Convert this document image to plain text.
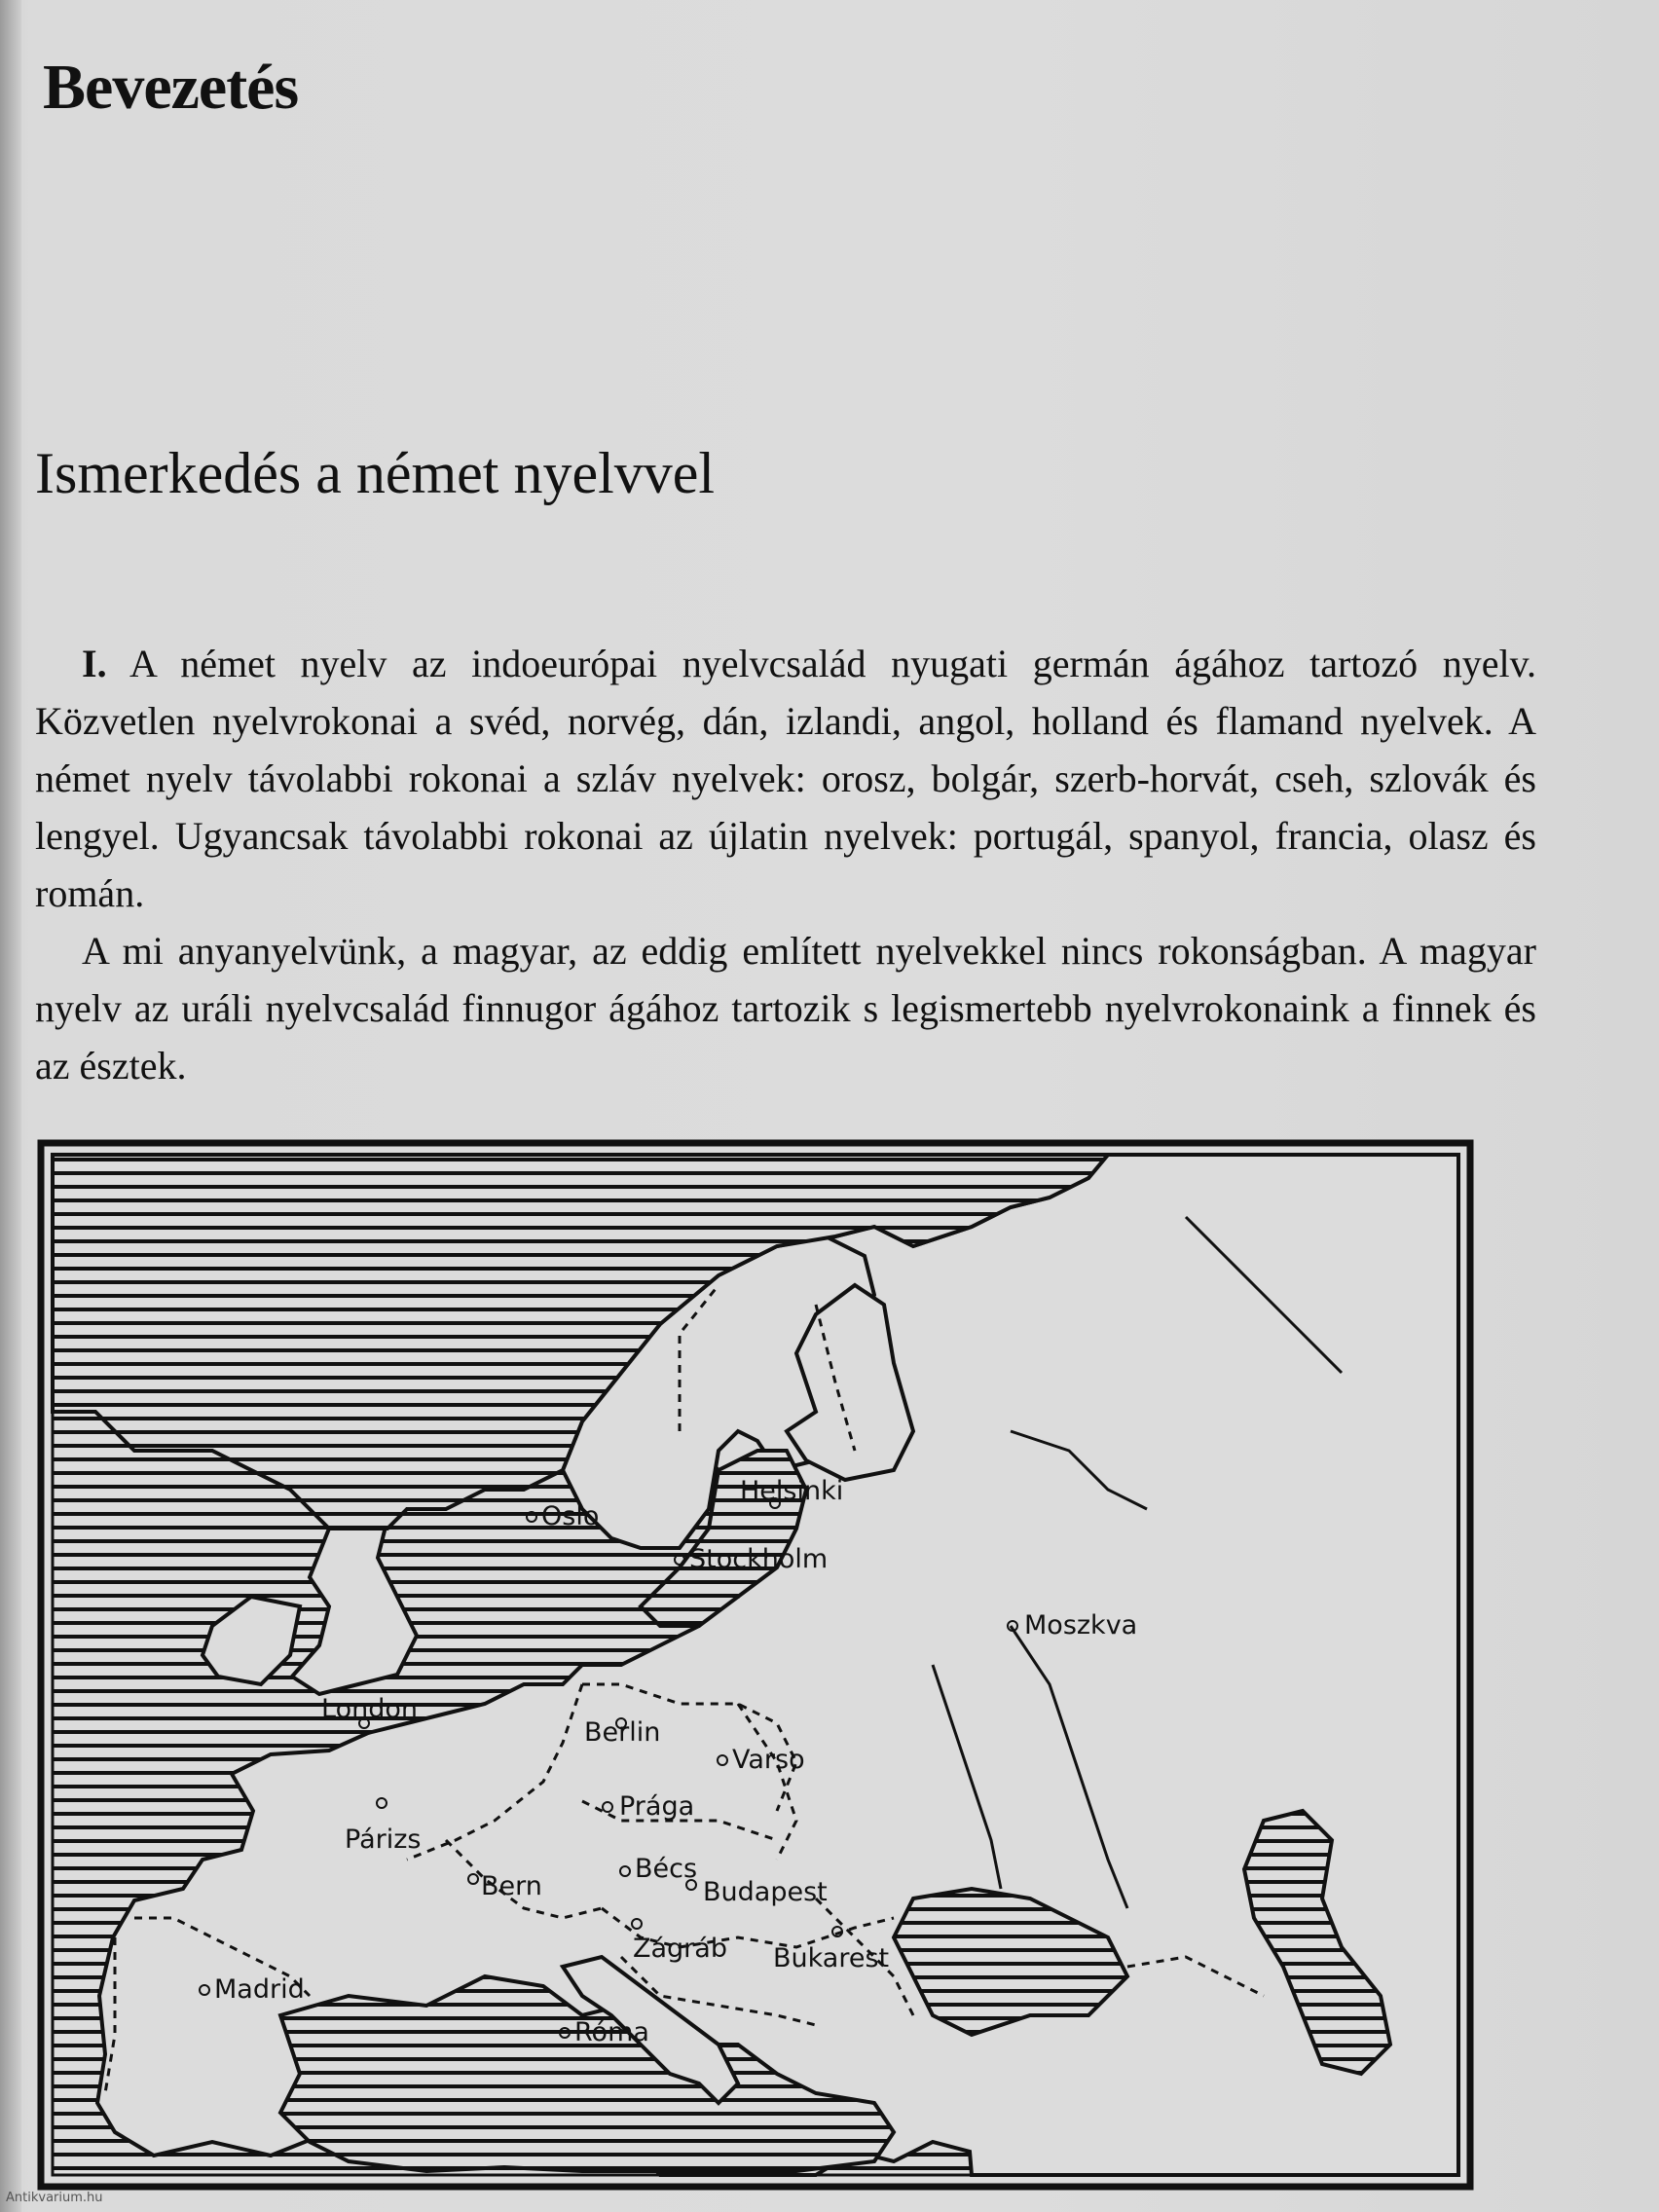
Bevezetés
Ismerkedés a német nyelvvel

I. A német nyelv az indoeurópai nyelvcsalád nyugati germán ágához tartozó nyelv. Közvetlen nyelvrokonai a svéd, norvég, dán, izlandi, angol, holland és flamand nyelvek. A német nyelv távolabbi rokonai a szláv nyelvek: orosz, bolgár, szerb-horvát, cseh, szlovák és lengyel. Ugyancsak távolabbi rokonai az újlatin nyelvek: portugál, spanyol, francia, olasz és román.

A mi anyanyelvünk, a magyar, az eddig említett nyelvekkel nincs rokonságban. A magyar nyelv az uráli nyelvcsalád finnugor ágához tartozik s legismertebb nyelvrokonaink a finnek és az észtek.

Oslo
Helsinki
Stockholm
Moszkva
London
Berlin
Varso
Prága
Párizs
Bern
Bécs
Budapest
Zágráb Bukarest
Madrid
Róma
Antikvarium.hu
